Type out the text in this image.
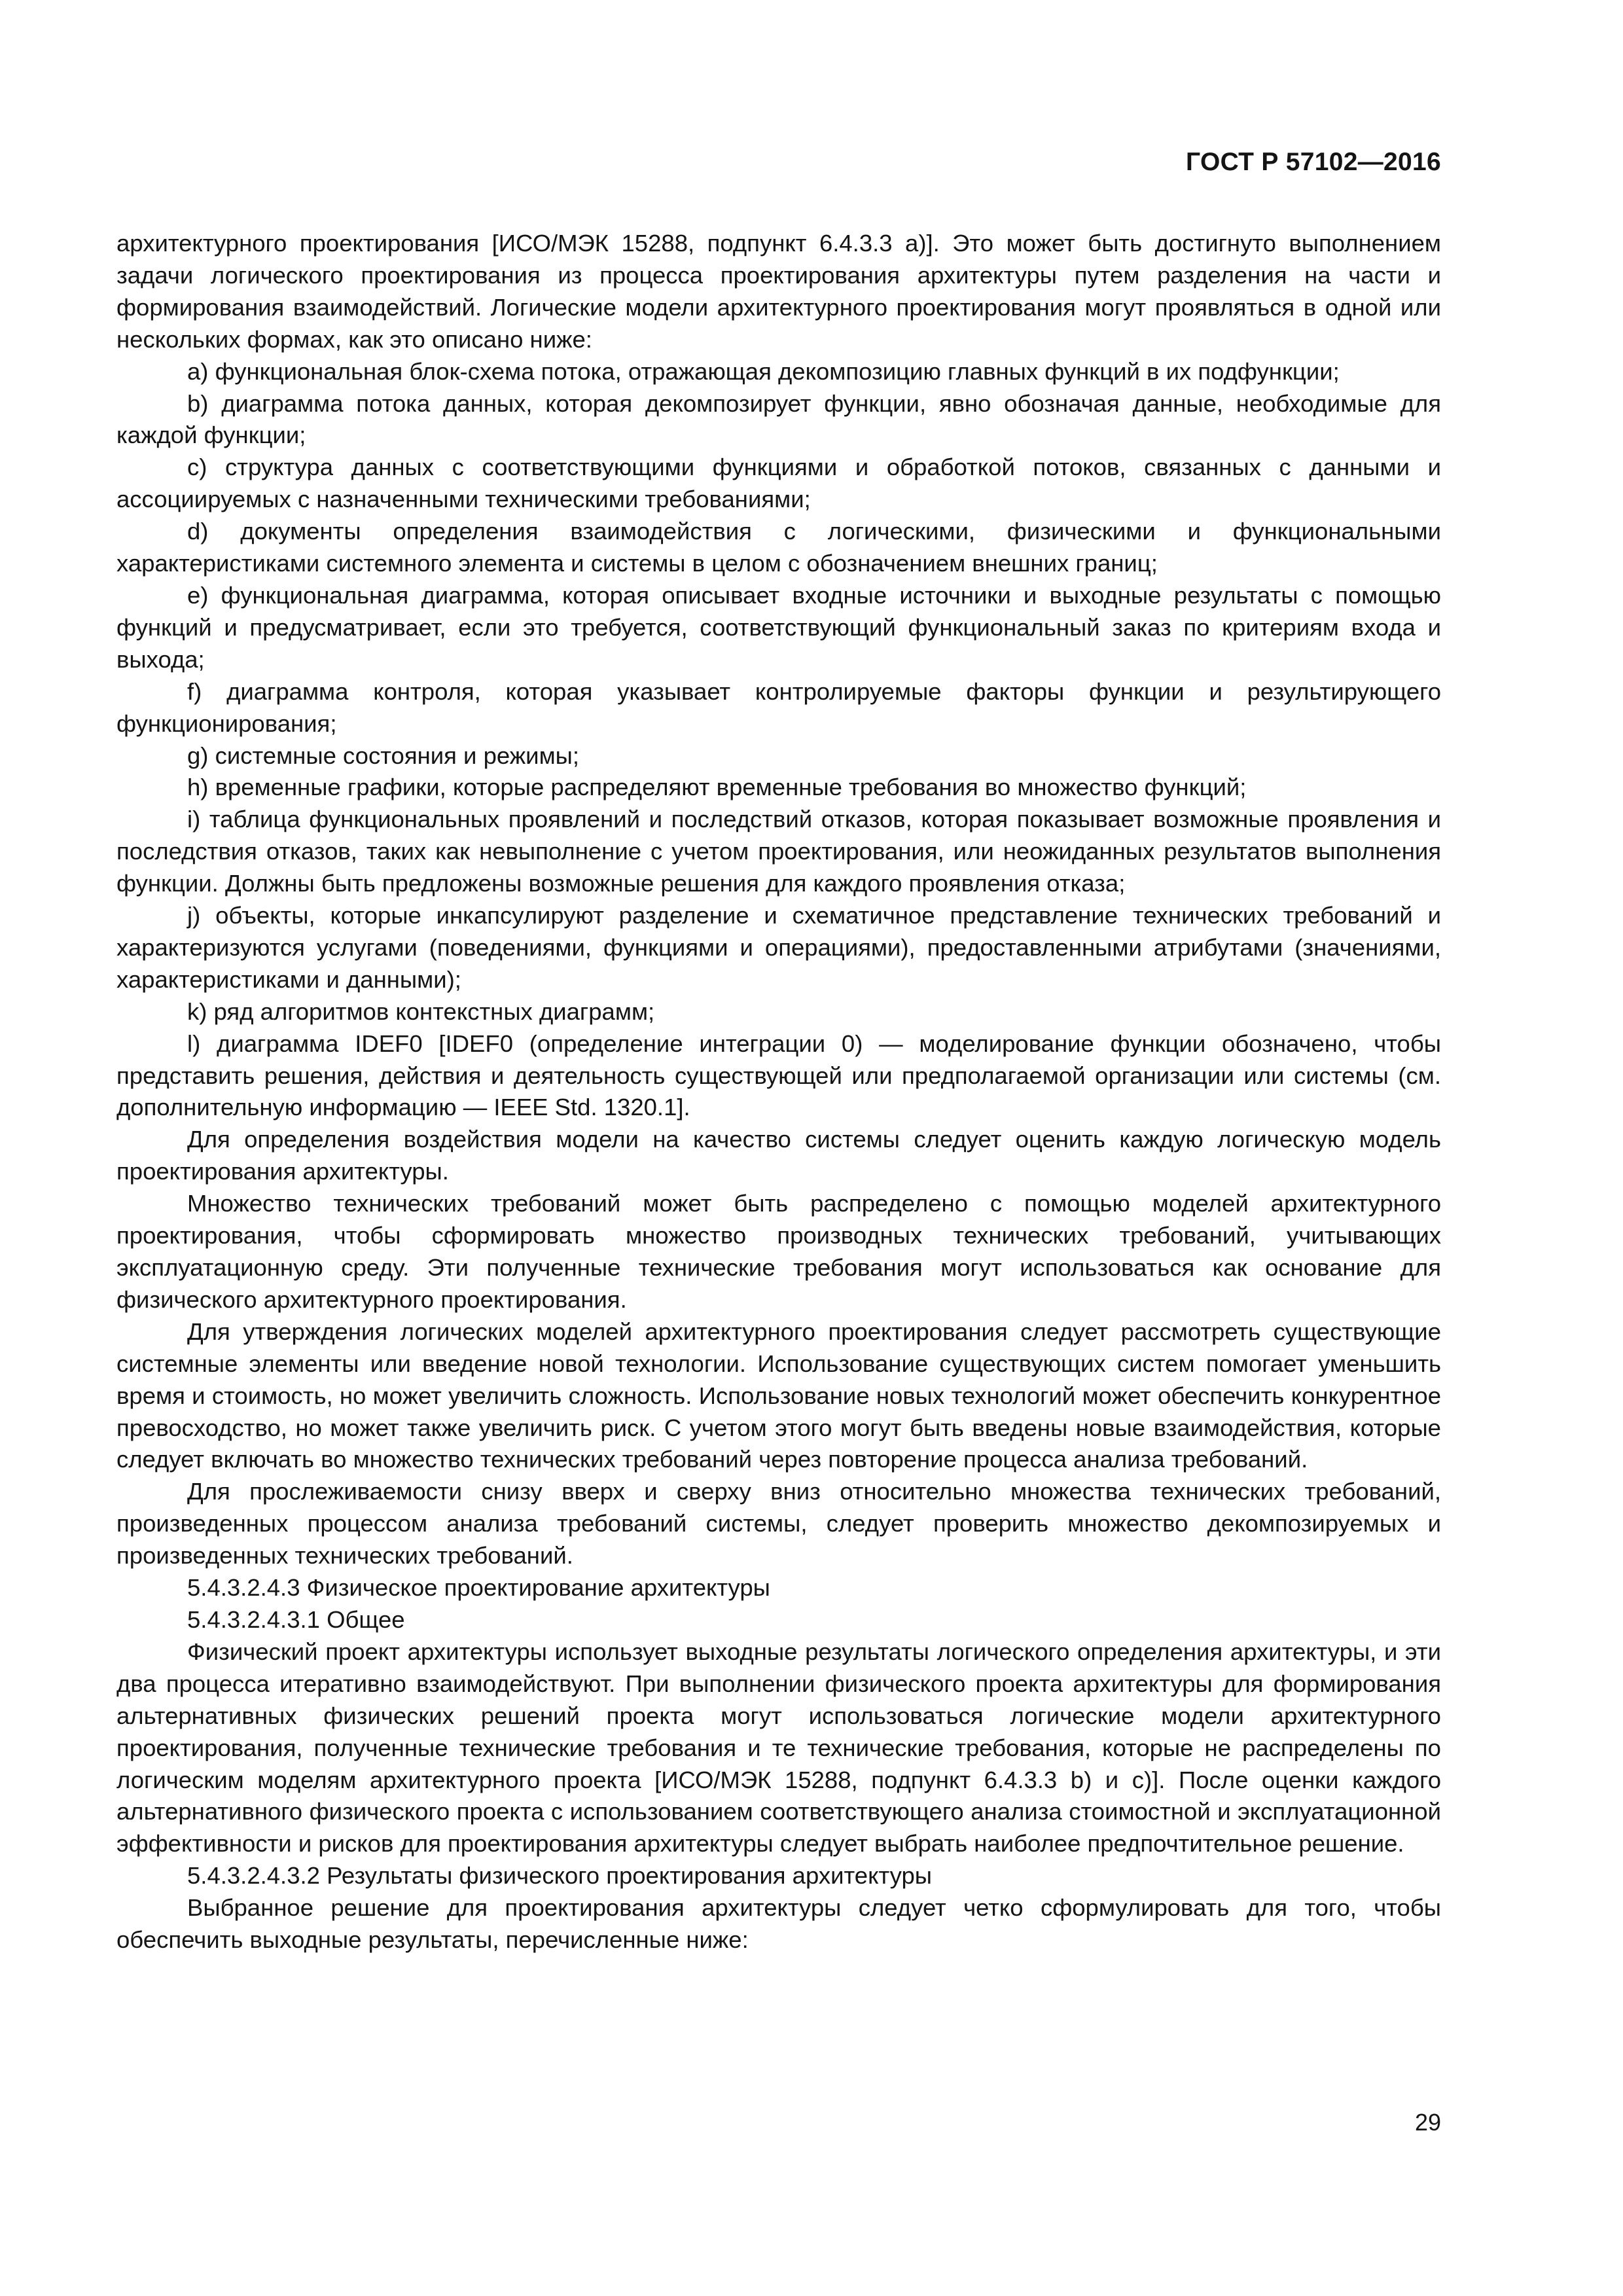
ГОСТ Р 57102—2016

архитектурного проектирования [ИСО/МЭК 15288, подпункт 6.4.3.3 а)]. Это может быть достигнуто выполнением задачи логического проектирования из процесса проектирования архитектуры путем разделения на части и формирования взаимодействий. Логические модели архитектурного проектирования могут проявляться в одной или нескольких формах, как это описано ниже:

а) функциональная блок-схема потока, отражающая декомпозицию главных функций в их подфункции;

b) диаграмма потока данных, которая декомпозирует функции, явно обозначая данные, необходимые для каждой функции;

с) структура данных с соответствующими функциями и обработкой потоков, связанных с данными и ассоциируемых с назначенными техническими требованиями;

d) документы определения взаимодействия с логическими, физическими и функциональными характеристиками системного элемента и системы в целом с обозначением внешних границ;

е) функциональная диаграмма, которая описывает входные источники и выходные результаты с помощью функций и предусматривает, если это требуется, соответствующий функциональный заказ по критериям входа и выхода;

f) диаграмма контроля, которая указывает контролируемые факторы функции и результирующего функционирования;

g) системные состояния и режимы;

h) временные графики, которые распределяют временные требования во множество функций;

i) таблица функциональных проявлений и последствий отказов, которая показывает возможные проявления и последствия отказов, таких как невыполнение с учетом проектирования, или неожиданных результатов выполнения функции. Должны быть предложены возможные решения для каждого проявления отказа;

j) объекты, которые инкапсулируют разделение и схематичное представление технических требований и характеризуются услугами (поведениями, функциями и операциями), предоставленными атрибутами (значениями, характеристиками и данными);

k) ряд алгоритмов контекстных диаграмм;

l) диаграмма IDEF0 [IDEF0 (определение интеграции 0) — моделирование функции обозначено, чтобы представить решения, действия и деятельность существующей или предполагаемой организации или системы (см. дополнительную информацию — IEEE Std. 1320.1].

Для определения воздействия модели на качество системы следует оценить каждую логическую модель проектирования архитектуры.

Множество технических требований может быть распределено с помощью моделей архитектурного проектирования, чтобы сформировать множество производных технических требований, учитывающих эксплуатационную среду. Эти полученные технические требования могут использоваться как основание для физического архитектурного проектирования.

Для утверждения логических моделей архитектурного проектирования следует рассмотреть существующие системные элементы или введение новой технологии. Использование существующих систем помогает уменьшить время и стоимость, но может увеличить сложность. Использование новых технологий может обеспечить конкурентное превосходство, но может также увеличить риск. С учетом этого могут быть введены новые взаимодействия, которые следует включать во множество технических требований через повторение процесса анализа требований.

Для прослеживаемости снизу вверх и сверху вниз относительно множества технических требований, произведенных процессом анализа требований системы, следует проверить множество декомпозируемых и произведенных технических требований.

5.4.3.2.4.3 Физическое проектирование архитектуры

5.4.3.2.4.3.1 Общее

Физический проект архитектуры использует выходные результаты логического определения архитектуры, и эти два процесса итеративно взаимодействуют. При выполнении физического проекта архитектуры для формирования альтернативных физических решений проекта могут использоваться логические модели архитектурного проектирования, полученные технические требования и те технические требования, которые не распределены по логическим моделям архитектурного проекта [ИСО/МЭК 15288, подпункт 6.4.3.3 b) и с)]. После оценки каждого альтернативного физического проекта с использованием соответствующего анализа стоимостной и эксплуатационной эффективности и рисков для проектирования архитектуры следует выбрать наиболее предпочтительное решение.

5.4.3.2.4.3.2 Результаты физического проектирования архитектуры

Выбранное решение для проектирования архитектуры следует четко сформулировать для того, чтобы обеспечить выходные результаты, перечисленные ниже:

29
